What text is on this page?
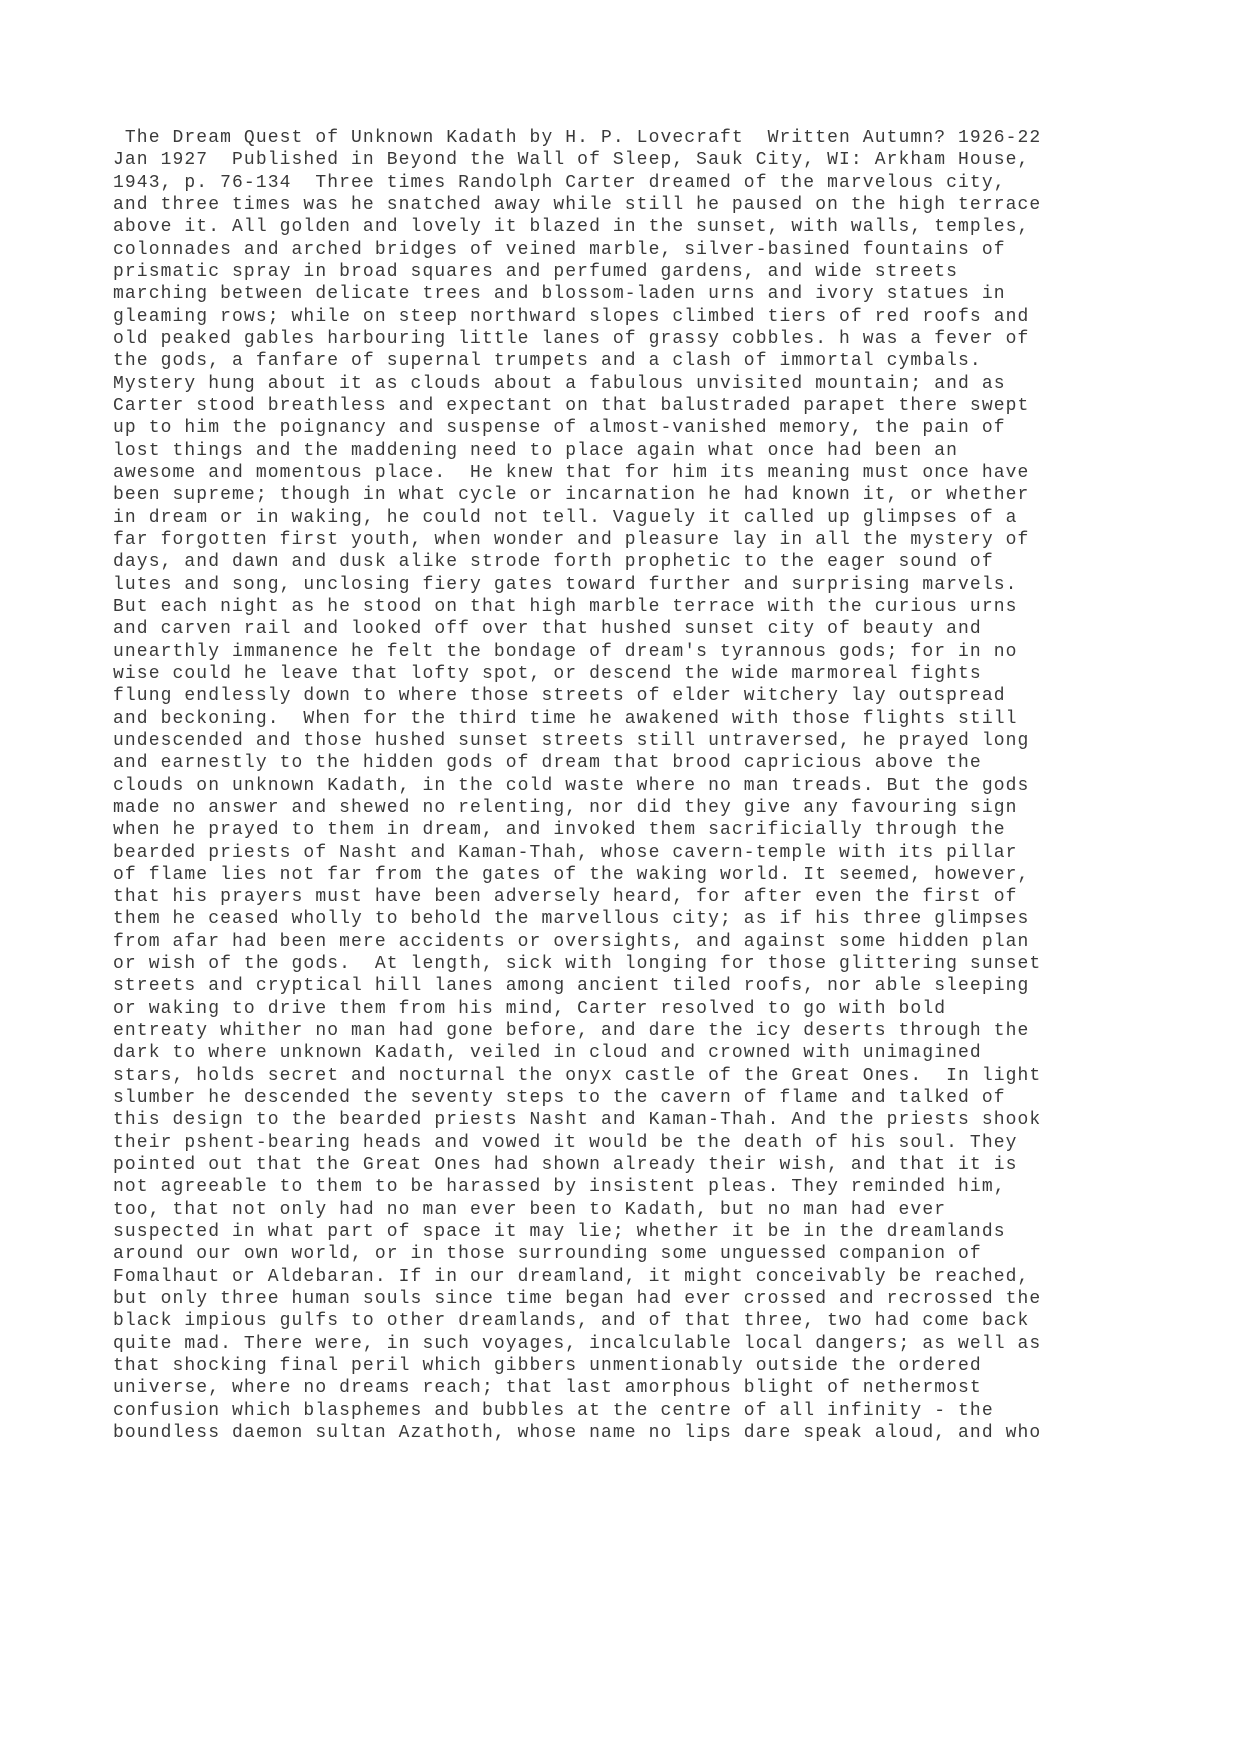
The Dream Quest of Unknown Kadath by H. P. Lovecraft  Written Autumn? 1926-22
Jan 1927  Published in Beyond the Wall of Sleep, Sauk City, WI: Arkham House,
1943, p. 76-134  Three times Randolph Carter dreamed of the marvelous city,
and three times was he snatched away while still he paused on the high terrace
above it. All golden and lovely it blazed in the sunset, with walls, temples,
colonnades and arched bridges of veined marble, silver-basined fountains of
prismatic spray in broad squares and perfumed gardens, and wide streets
marching between delicate trees and blossom-laden urns and ivory statues in
gleaming rows; while on steep northward slopes climbed tiers of red roofs and
old peaked gables harbouring little lanes of grassy cobbles. h was a fever of
the gods, a fanfare of supernal trumpets and a clash of immortal cymbals.
Mystery hung about it as clouds about a fabulous unvisited mountain; and as
Carter stood breathless and expectant on that balustraded parapet there swept
up to him the poignancy and suspense of almost-vanished memory, the pain of
lost things and the maddening need to place again what once had been an
awesome and momentous place.  He knew that for him its meaning must once have
been supreme; though in what cycle or incarnation he had known it, or whether
in dream or in waking, he could not tell. Vaguely it called up glimpses of a
far forgotten first youth, when wonder and pleasure lay in all the mystery of
days, and dawn and dusk alike strode forth prophetic to the eager sound of
lutes and song, unclosing fiery gates toward further and surprising marvels.
But each night as he stood on that high marble terrace with the curious urns
and carven rail and looked off over that hushed sunset city of beauty and
unearthly immanence he felt the bondage of dream's tyrannous gods; for in no
wise could he leave that lofty spot, or descend the wide marmoreal fights
flung endlessly down to where those streets of elder witchery lay outspread
and beckoning.  When for the third time he awakened with those flights still
undescended and those hushed sunset streets still untraversed, he prayed long
and earnestly to the hidden gods of dream that brood capricious above the
clouds on unknown Kadath, in the cold waste where no man treads. But the gods
made no answer and shewed no relenting, nor did they give any favouring sign
when he prayed to them in dream, and invoked them sacrificially through the
bearded priests of Nasht and Kaman-Thah, whose cavern-temple with its pillar
of flame lies not far from the gates of the waking world. It seemed, however,
that his prayers must have been adversely heard, for after even the first of
them he ceased wholly to behold the marvellous city; as if his three glimpses
from afar had been mere accidents or oversights, and against some hidden plan
or wish of the gods.  At length, sick with longing for those glittering sunset
streets and cryptical hill lanes among ancient tiled roofs, nor able sleeping
or waking to drive them from his mind, Carter resolved to go with bold
entreaty whither no man had gone before, and dare the icy deserts through the
dark to where unknown Kadath, veiled in cloud and crowned with unimagined
stars, holds secret and nocturnal the onyx castle of the Great Ones.  In light
slumber he descended the seventy steps to the cavern of flame and talked of
this design to the bearded priests Nasht and Kaman-Thah. And the priests shook
their pshent-bearing heads and vowed it would be the death of his soul. They
pointed out that the Great Ones had shown already their wish, and that it is
not agreeable to them to be harassed by insistent pleas. They reminded him,
too, that not only had no man ever been to Kadath, but no man had ever
suspected in what part of space it may lie; whether it be in the dreamlands
around our own world, or in those surrounding some unguessed companion of
Fomalhaut or Aldebaran. If in our dreamland, it might conceivably be reached,
but only three human souls since time began had ever crossed and recrossed the
black impious gulfs to other dreamlands, and of that three, two had come back
quite mad. There were, in such voyages, incalculable local dangers; as well as
that shocking final peril which gibbers unmentionably outside the ordered
universe, where no dreams reach; that last amorphous blight of nethermost
confusion which blasphemes and bubbles at the centre of all infinity - the
boundless daemon sultan Azathoth, whose name no lips dare speak aloud, and who
